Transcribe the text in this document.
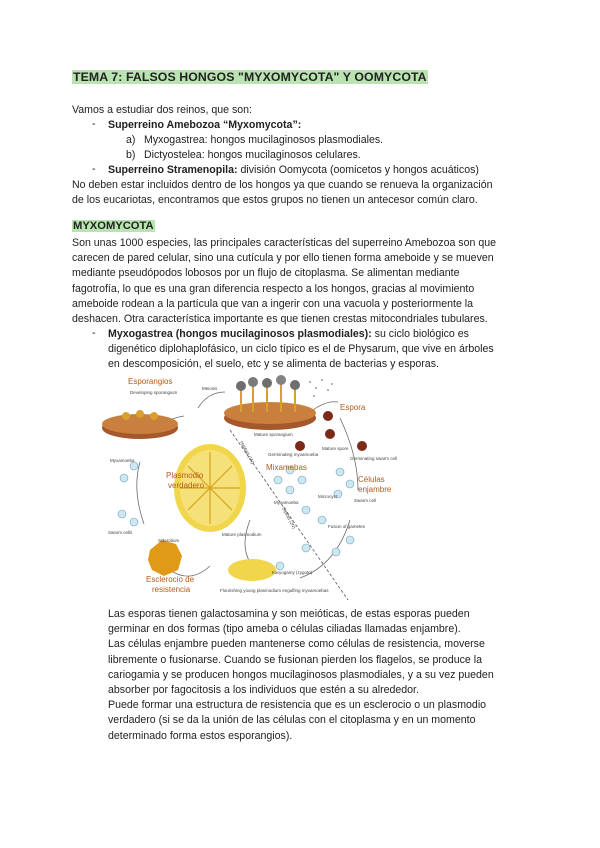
TEMA 7: FALSOS HONGOS "MYXOMYCOTA" Y OOMYCOTA
Vamos a estudiar dos reinos, que son:
- Superreino Amebozoa “Myxomycota”:
a) Myxogastrea: hongos mucilaginosos plasmodiales.
b) Dictyostelea: hongos mucilaginosos celulares.
- Superreino Stramenopila: división Oomycota (oomicetos y hongos acuáticos)
No deben estar incluidos dentro de los hongos ya que cuando se renueva la organización
de los eucariotas, encontramos que estos grupos no tienen un antecesor común claro.
MYXOMYCOTA
Son unas 1000 especies, las principales características del superreino Amebozoa son que
carecen de pared celular, sino una cutícula y por ello tienen forma ameboide y se mueven
mediante pseudópodos lobosos por un flujo de citoplasma. Se alimentan mediante
fagotrofía, lo que es una gran diferencia respecto a los hongos, gracias al movimiento
ameboide rodean a la partícula que van a ingerir con una vacuola y posteriormente la
deshacen. Otra característica importante es que tienen crestas mitocondriales tubulares.
- Myxogastrea (hongos mucilaginosos plasmodiales): su ciclo biológico es
digenético diplohaplofásico, un ciclo típico es el de Physarum, que vive en árboles
en descomposición, el suelo, etc y se alimenta de bacterias y esporas.
Esporangios
Developing sporangium
Meiosis
Mature sporangium
Espora
Mature spore
Germinating myxamoeba
Germinating swarm cell
Mixamebas
Células
enjambre
Swarm cell
Myxamoeba
Microcyst
Plasmodio
verdadero
Mature plasmodium
Fusion of gametes
Karyogamy (zygote)
Sclerotium
Esclerocio de
resistencia	Flourishing young plasmodium engulfing myxamoebas
Myxamoeba
Swarm cells
Haploid (1N)
Diploid (2N)
Las esporas tienen galactosamina y son meióticas, de estas esporas pueden
germinar en dos formas (tipo ameba o células ciliadas llamadas enjambre).
Las células enjambre pueden mantenerse como células de resistencia, moverse
libremente o fusionarse. Cuando se fusionan pierden los flagelos, se produce la
cariogamia y se producen hongos mucilaginosos plasmodiales, y a su vez pueden
absorber por fagocitosis a los individuos que estén a su alrededor.
Puede formar una estructura de resistencia que es un esclerocio o un plasmodio
verdadero (si se da la unión de las células con el citoplasma y en un momento
determinado forma estos esporangios).
